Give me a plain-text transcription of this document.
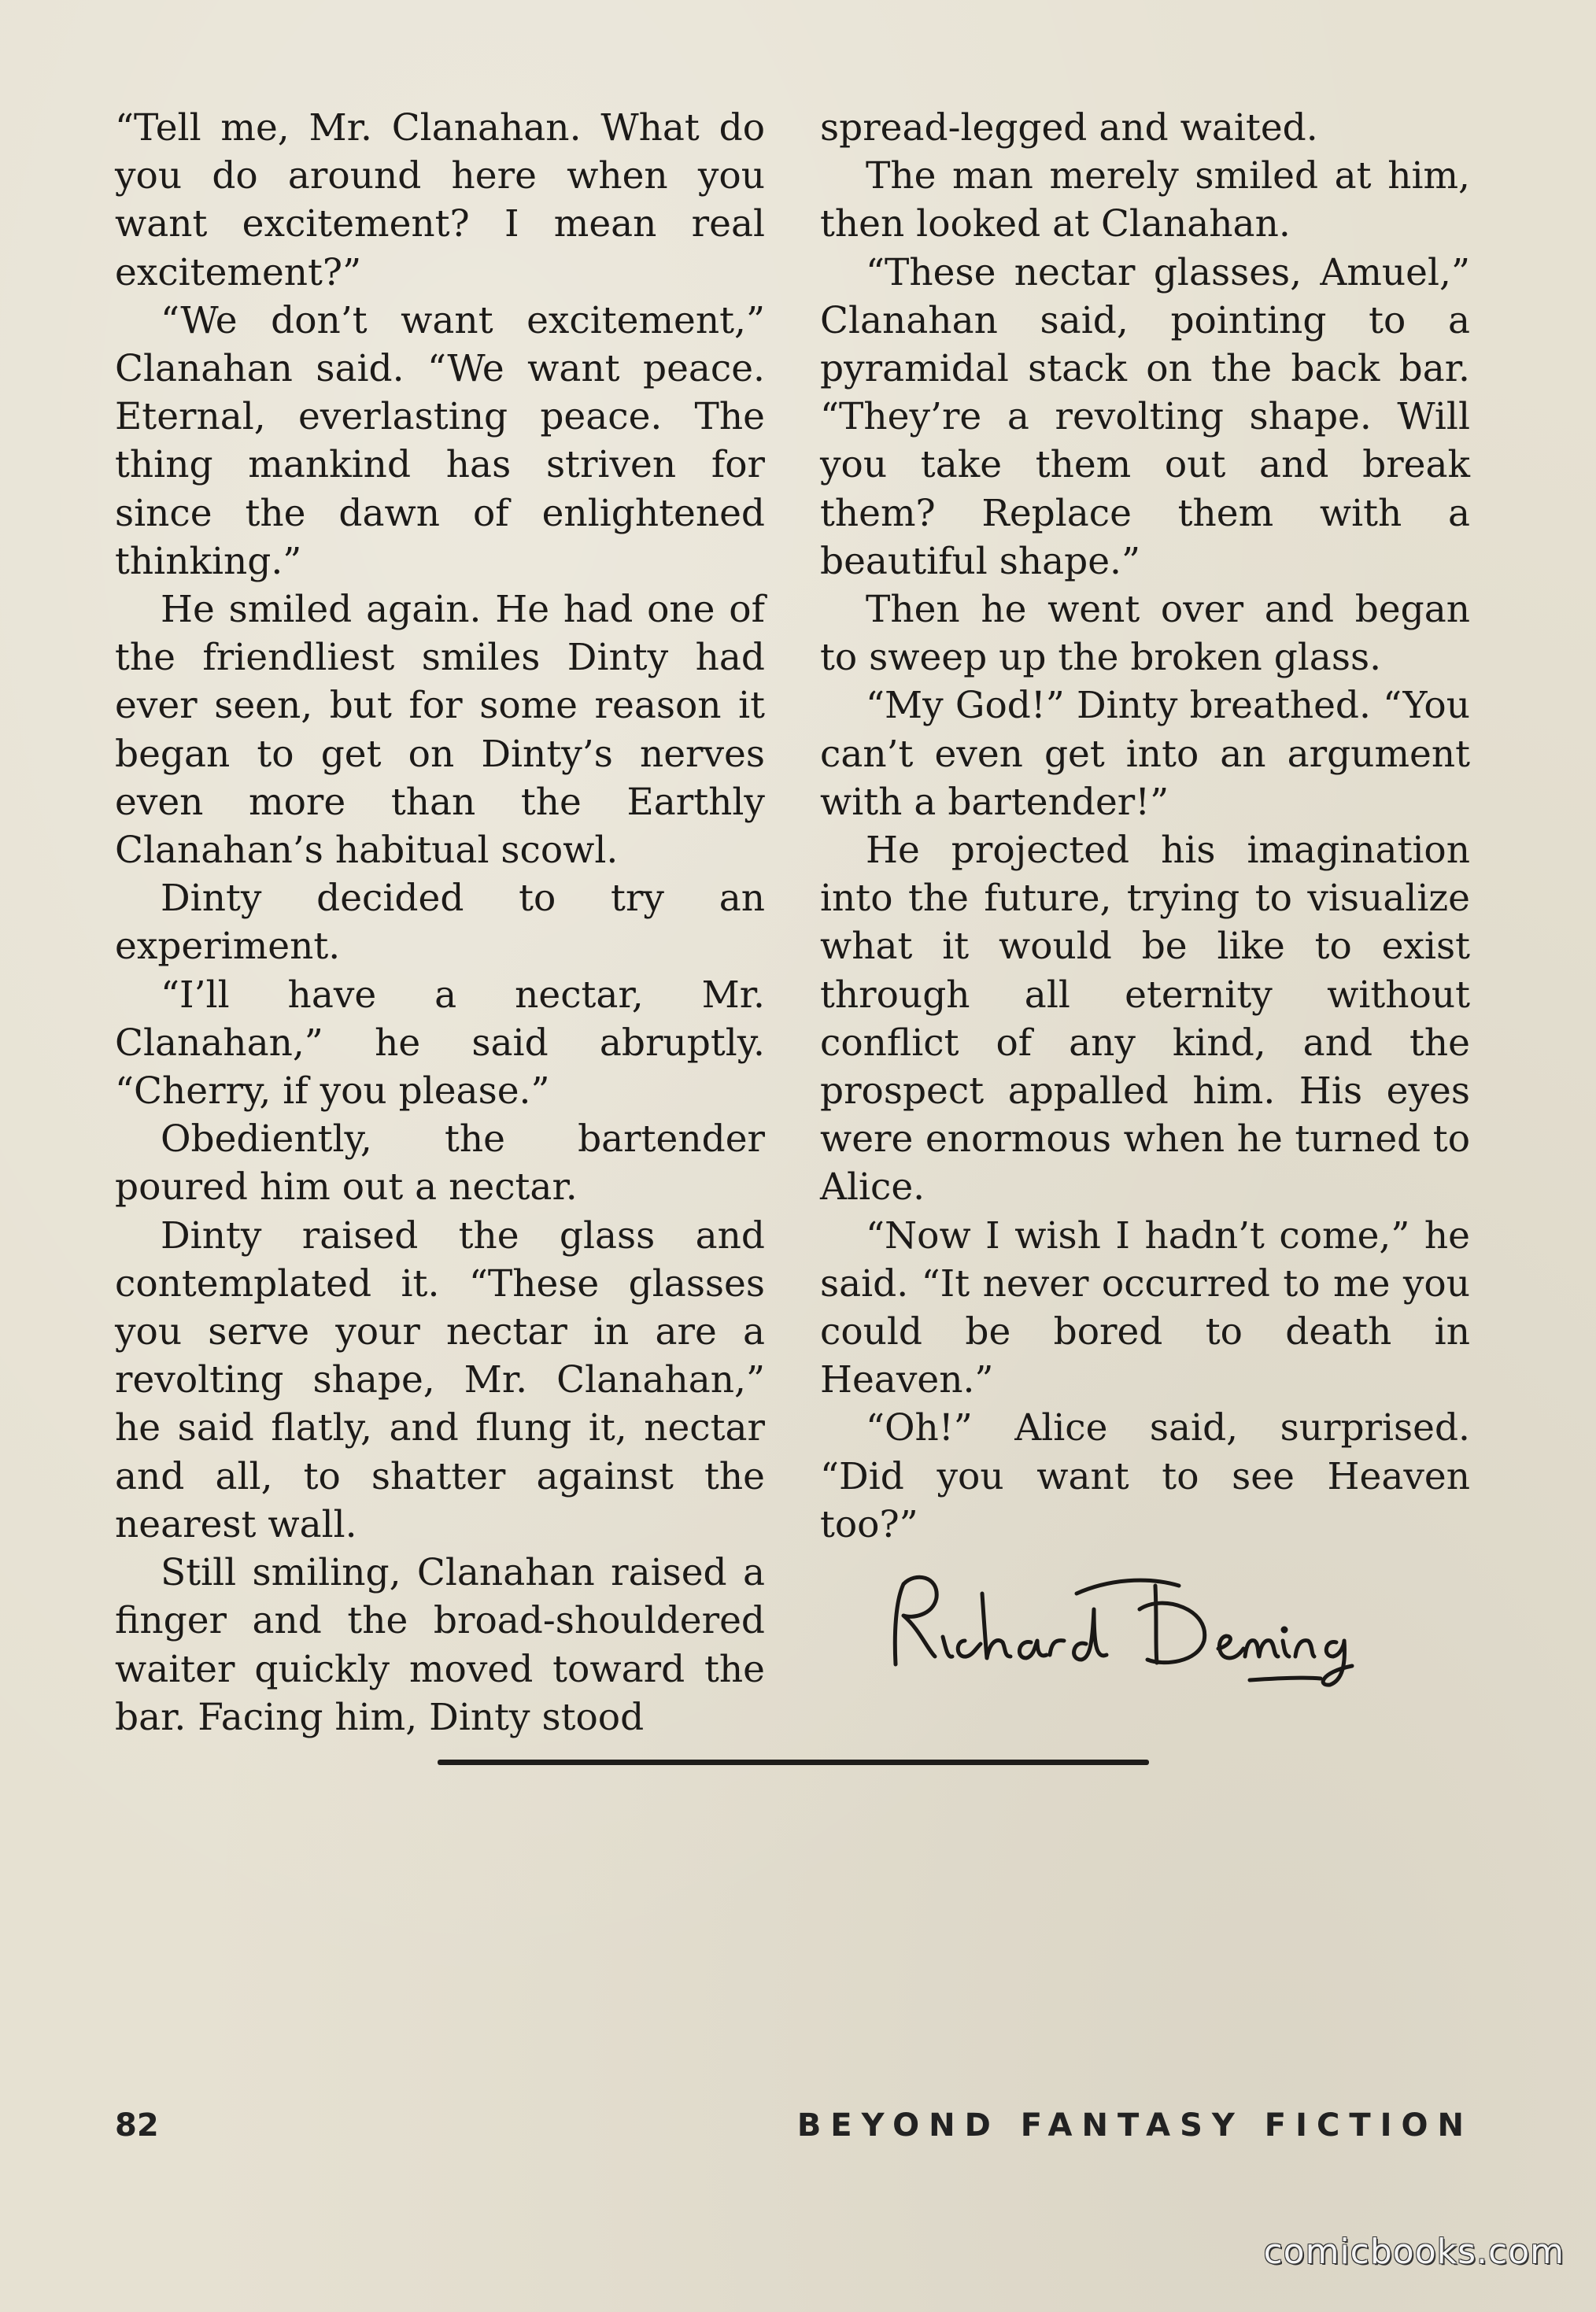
“Tell me, Mr. Clanahan. What do you do around here when you want excitement? I mean real excitement?”

“We don’t want excitement,” Clanahan said. “We want peace. Eternal, everlasting peace. The thing mankind has striven for since the dawn of enlightened thinking.”

He smiled again. He had one of the friendliest smiles Dinty had ever seen, but for some reason it began to get on Dinty’s nerves even more than the Earthly Clanahan’s habitual scowl.

Dinty decided to try an experiment.

“I’ll have a nectar, Mr. Clanahan,” he said abruptly. “Cherry, if you please.”

Obediently, the bartender poured him out a nectar.

Dinty raised the glass and contemplated it. “These glasses you serve your nectar in are a revolting shape, Mr. Clanahan,” he said flatly, and flung it, nectar and all, to shatter against the nearest wall.

Still smiling, Clanahan raised a finger and the broad-shouldered waiter quickly moved toward the bar. Facing him, Dinty stood

spread-legged and waited.

The man merely smiled at him, then looked at Clanahan.

“These nectar glasses, Amuel,” Clanahan said, pointing to a pyramidal stack on the back bar. “They’re a revolting shape. Will you take them out and break them? Replace them with a beautiful shape.”

Then he went over and began to sweep up the broken glass.

“My God!” Dinty breathed. “You can’t even get into an argument with a bartender!”

He projected his imagination into the future, trying to visualize what it would be like to exist through all eternity without conflict of any kind, and the prospect appalled him. His eyes were enormous when he turned to Alice.

“Now I wish I hadn’t come,” he said. “It never occurred to me you could be bored to death in Heaven.”

“Oh!” Alice said, surprised. “Did you want to see Heaven too?”

82	BEYOND FANTASY FICTION
comicbooks.com
